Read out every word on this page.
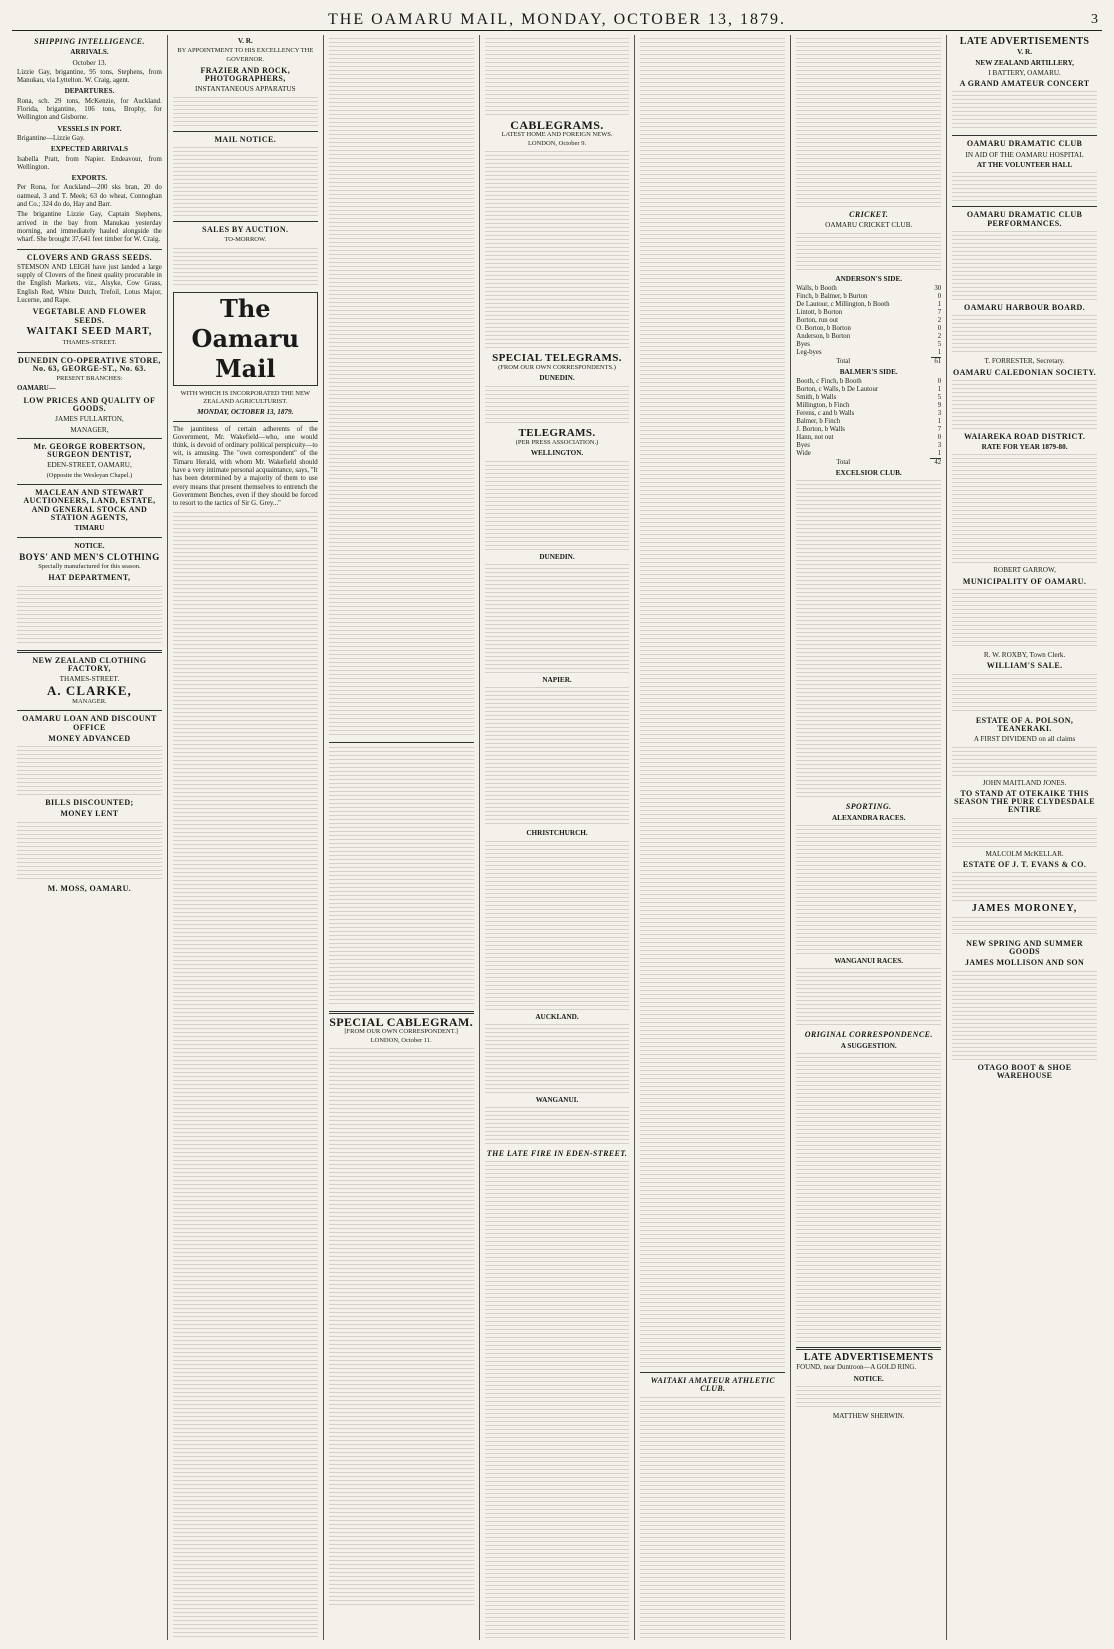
THE OAMARU MAIL, MONDAY, OCTOBER 13, 1879.	3
SHIPPING INTELLIGENCE.
ARRIVALS.
October 13.
Lizzie Gay, brigantine, 95 tons, Stephens, from Manukau, via Lyttelton. W. Craig, agent.
DEPARTURES.
Rona, sch. 29 tons, McKenzie, for Auckland. Florida, brigantine, 106 tons, Brophy, for Wellington and Gisborne.
VESSELS IN PORT.
Brigantine—Lizzie Gay.
EXPECTED ARRIVALS
Isabella Pratt, from Napier. Endeavour, from Wellington.
EXPORTS.
Per Rona, for Auckland—200 sks bran, 20 do oatmeal, 3 and T. Meek; 63 do wheat, Connoghan and Co.; 324 do do, Hay and Barr.
The brigantine Lizzie Gay, Captain Stephens, arrived in the bay from Manukau yesterday morning, and immediately hauled alongside the wharf. She brought 37,641 feet timber for W. Craig.
CLOVERS AND GRASS SEEDS.
STEMSON AND LEIGH have just landed a large supply of Clovers of the finest quality procurable in the English Markets, viz., Alsyke, Cow Grass, English Red, White Dutch, Trefoil, Lotus Major, Lucerne, and Rape.
VEGETABLE AND FLOWER SEEDS.
WAITAKI SEED MART,
THAMES-STREET.
DUNEDIN CO-OPERATIVE STORE, No. 63, GEORGE-ST., No. 63.
PRESENT BRANCHES:
OAMARU—
LOW PRICES AND QUALITY OF GOODS.
JAMES FULLARTON,
MANAGER,
Mr. GEORGE ROBERTSON, SURGEON DENTIST,
EDEN-STREET, OAMARU,
(Opposite the Wesleyan Chapel.)
MACLEAN AND STEWART AUCTIONEERS, LAND, ESTATE, AND GENERAL STOCK AND STATION AGENTS,
TIMARU
NOTICE.
BOYS' AND MEN'S CLOTHING
Specially manufactured for this season.
HAT DEPARTMENT,
NEW ZEALAND CLOTHING FACTORY,
THAMES-STREET.
A. CLARKE,
MANAGER.
OAMARU LOAN AND DISCOUNT OFFICE
MONEY ADVANCED
BILLS DISCOUNTED;
MONEY LENT
M. MOSS, OAMARU.
V. R.
BY APPOINTMENT TO HIS EXCELLENCY THE GOVERNOR.
FRAZIER AND ROCK, PHOTOGRAPHERS,
INSTANTANEOUS APPARATUS
MAIL NOTICE.
SALES BY AUCTION.
TO-MORROW.
The Oamaru Mail
WITH WHICH IS INCORPORATED THE NEW ZEALAND AGRICULTURIST.
MONDAY, OCTOBER 13, 1879.
The jauntiness of certain adherents of the Government, Mr. Wakefield—who, one would think, is devoid of ordinary political perspicuity—to wit, is amusing. The "own correspondent" of the Timaru Herald, with whom Mr. Wakefield should have a very intimate personal acquaintance, says, "It has been determined by a majority of them to use every means that present themselves to entrench the Government Benches, even if they should be forced to resort to the tactics of Sir G. Grey..."
SPECIAL CABLEGRAM.
[FROM OUR OWN CORRESPONDENT.]
LONDON, October 11.
CABLEGRAMS.
LATEST HOME AND FOREIGN NEWS.
LONDON, October 9.
SPECIAL TELEGRAMS.
(FROM OUR OWN CORRESPONDENTS.)
DUNEDIN.
TELEGRAMS.
(PER PRESS ASSOCIATION.)
WELLINGTON.
DUNEDIN.
NAPIER.
CHRISTCHURCH.
AUCKLAND.
WANGANUI.
THE LATE FIRE IN EDEN-STREET.
WAITAKI AMATEUR ATHLETIC CLUB.
CRICKET.
OAMARU CRICKET CLUB.
ANDERSON'S SIDE.
Walls, b Booth	30
Finch, b Balmer, b Burton	0
De Lautour, c Millington, b Booth	1
Lintott, b Borton	7
Borton, run out	2
O. Borton, b Borton	0
Anderson, b Borton	2
Byes	5
Leg-byes	1
Total	61
BALMER'S SIDE.
Booth, c Finch, b Booth	0
Borton, c Walls, b De Lautour	1
Smith, b Walls	5
Millington, b Finch	9
Ferens, c and b Walls	3
Balmer, b Finch	1
J. Borton, b Walls	7
Hann, not out	0
Byes	3
Wide	1
Total	42
EXCELSIOR CLUB.
SPORTING.
ALEXANDRA RACES.
WANGANUI RACES.
ORIGINAL CORRESPONDENCE.
A SUGGESTION.
LATE ADVERTISEMENTS
FOUND, near Duntroon—A GOLD RING.
NOTICE.
MATTHEW SHERWIN.
LATE ADVERTISEMENTS
V. R.
NEW ZEALAND ARTILLERY,
I BATTERY, OAMARU.
A GRAND AMATEUR CONCERT
OAMARU DRAMATIC CLUB
IN AID OF THE OAMARU HOSPITAL
AT THE VOLUNTEER HALL
OAMARU DRAMATIC CLUB PERFORMANCES.
OAMARU HARBOUR BOARD.
T. FORRESTER, Secretary.
OAMARU CALEDONIAN SOCIETY.
WAIAREKA ROAD DISTRICT.
RATE FOR YEAR 1879-80.
ROBERT GARROW,
MUNICIPALITY OF OAMARU.
R. W. ROXBY, Town Clerk.
WILLIAM'S SALE.
ESTATE OF A. POLSON, TEANERAKI.
A FIRST DIVIDEND on all claims
JOHN MAITLAND JONES.
TO STAND AT OTEKAIKE THIS SEASON THE PURE CLYDESDALE ENTIRE
MALCOLM McKELLAR.
ESTATE OF J. T. EVANS & CO.
JAMES MORONEY,
NEW SPRING AND SUMMER GOODS
JAMES MOLLISON AND SON
OTAGO BOOT & SHOE WAREHOUSE
